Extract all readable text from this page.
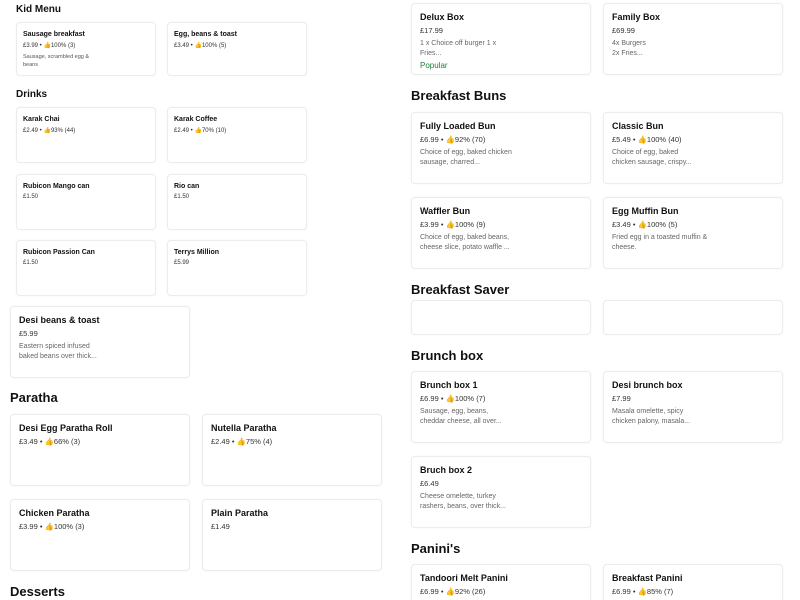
Kid Menu
Sausage breakfast
£3.99 • 👍100% (3)
Sausage, scrambled egg & beans
Egg, beans & toast
£3.49 • 👍100% (5)
Drinks
Karak Chai
£2.49 • 👍93% (44)
Karak Coffee
£2.49 • 👍70% (10)
Rubicon Mango can
£1.50
Rio can
£1.50
Rubicon Passion Can
£1.50
Terrys Million
£5.99
Desi beans & toast
£5.99
Eastern spiced infused baked beans over thick...
Paratha
Desi Egg Paratha Roll
£3.49 • 👍66% (3)
Nutella Paratha
£2.49 • 👍75% (4)
Chicken Paratha
£3.99 • 👍100% (3)
Plain Paratha
£1.49
Desserts
Delux Box
£17.99
1 x Choice off burger 1 x Fries...
Popular
Family Box
£69.99
4x Burgers 2x Fries...
Breakfast Buns
Fully Loaded Bun
£6.99 • 👍92% (70)
Choice of egg, baked chicken sausage, charred...
Classic Bun
£5.49 • 👍100% (40)
Choice of egg, baked chicken sausage, crispy...
Waffler Bun
£3.99 • 👍100% (9)
Choice of egg, baked beans, cheese slice, potato waffle ...
Egg Muffin Bun
£3.49 • 👍100% (5)
Fried egg in a toasted muffin & cheese.
Breakfast Saver
Brunch box
Brunch box 1
£6.99 • 👍100% (7)
Sausage, egg, beans, cheddar cheese, all over...
Desi brunch box
£7.99
Masala omelette, spicy chicken palony, masala...
Bruch box 2
£6.49
Cheese omelette, turkey rashers, beans, over thick...
Panini's
Tandoori Melt Panini
£6.99 • 👍92% (26)
Breakfast Panini
£6.99 • 👍85% (7)
